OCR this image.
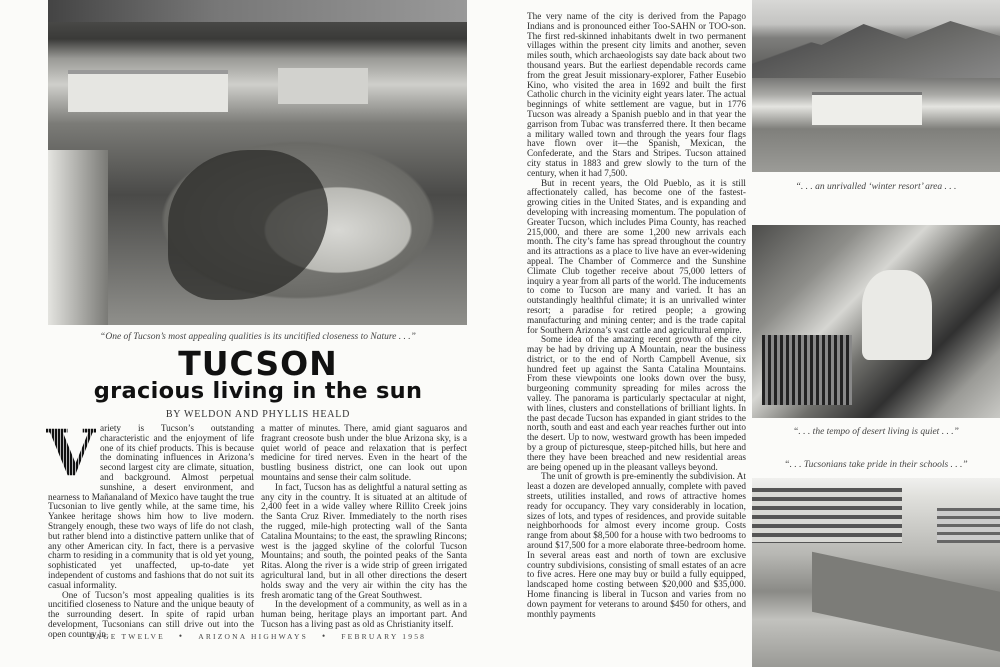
“One of Tucson’s most appealing qualities is its uncitified closeness to Nature . . .”
TUCSON
gracious living in the sun
BY WELDON AND PHYLLIS HEALD

V ariety is Tucson’s outstanding characteristic and the enjoyment of life one of its chief products. This is because the dominating influences in Arizona’s second largest city are climate, situation, and background. Almost perpetual sunshine, a desert environment, and nearness to Mañanaland of Mexico have taught the true Tucsonian to live gently while, at the same time, his Yankee heritage shows him how to live modern. Strangely enough, these two ways of life do not clash, but rather blend into a distinctive pattern unlike that of any other American city. In fact, there is a pervasive charm to residing in a community that is old yet young, sophisticated yet unaffected, up-to-date yet independent of customs and fashions that do not suit its casual informality.

One of Tucson’s most appealing qualities is its uncitified closeness to Nature and the unique beauty of the surrounding desert. In spite of rapid urban development, Tucsonians can still drive out into the open country in

a matter of minutes. There, amid giant saguaros and fragrant creosote bush under the blue Arizona sky, is a quiet world of peace and relaxation that is perfect medicine for tired nerves. Even in the heart of the bustling business district, one can look out upon mountains and sense their calm solitude.

In fact, Tucson has as delightful a natural setting as any city in the country. It is situated at an altitude of 2,400 feet in a wide valley where Rillito Creek joins the Santa Cruz River. Immediately to the north rises the rugged, mile-high protecting wall of the Santa Catalina Mountains; to the east, the sprawling Rincons; west is the jagged skyline of the colorful Tucson Mountains; and south, the pointed peaks of the Santa Ritas. Along the river is a wide strip of green irrigated agricultural land, but in all other directions the desert holds sway and the very air within the city has the fresh aromatic tang of the Great Southwest.

In the development of a community, as well as in a human being, heritage plays an important part. And Tucson has a living past as old as Christianity itself.

The very name of the city is derived from the Papago Indians and is pronounced either Too-SAHN or TOO-son. The first red-skinned inhabitants dwelt in two permanent villages within the present city limits and another, seven miles south, which archaeologists say date back about two thousand years. But the earliest dependable records came from the great Jesuit missionary-explorer, Father Eusebio Kino, who visited the area in 1692 and built the first Catholic church in the vicinity eight years later. The actual beginnings of white settlement are vague, but in 1776 Tucson was already a Spanish pueblo and in that year the garrison from Tubac was transferred there. It then became a military walled town and through the years four flags have flown over it—the Spanish, Mexican, the Confederate, and the Stars and Stripes. Tucson attained city status in 1883 and grew slowly to the turn of the century, when it had 7,500.

But in recent years, the Old Pueblo, as it is still affectionately called, has become one of the fastest-growing cities in the United States, and is expanding and developing with increasing momentum. The population of Greater Tucson, which includes Pima County, has reached 215,000, and there are some 1,200 new arrivals each month. The city’s fame has spread throughout the country and its attractions as a place to live have an ever-widening appeal. The Chamber of Commerce and the Sunshine Climate Club together receive about 75,000 letters of inquiry a year from all parts of the world. The inducements to come to Tucson are many and varied. It has an outstandingly healthful climate; it is an unrivalled winter resort; a paradise for retired people; a growing manufacturing and mining center; and is the trade capital for Southern Arizona’s vast cattle and agricultural empire.

Some idea of the amazing recent growth of the city may be had by driving up A Mountain, near the business district, or to the end of North Campbell Avenue, six hundred feet up against the Santa Catalina Mountains. From these viewpoints one looks down over the busy, burgeoning community spreading for miles across the valley. The panorama is particularly spectacular at night, with lines, clusters and constellations of brilliant lights. In the past decade Tucson has expanded in giant strides to the north, south and east and each year reaches further out into the desert. Up to now, westward growth has been impeded by a group of picturesque, steep-pitched hills, but here and there they have been breached and new residential areas are being opened up in the pleasant valleys beyond.

The unit of growth is pre-eminently the subdivision. At least a dozen are developed annually, complete with paved streets, utilities installed, and rows of attractive homes ready for occupancy. They vary considerably in location, sizes of lots, and types of residences, and provide suitable neighborhoods for almost every income group. Costs range from about $8,500 for a house with two bedrooms to around $17,500 for a more elaborate three-bedroom home. In several areas east and north of town are exclusive country subdivisions, consisting of small estates of an acre to five acres. Here one may buy or build a fully equipped, landscaped home costing between $20,000 and $35,000. Home financing is liberal in Tucson and varies from no down payment for veterans to around $450 for others, and monthly payments

PAGE TWELVE • ARIZONA HIGHWAYS • FEBRUARY 1958
“. . . an unrivalled ‘winter resort’ area . . .
“. . . the tempo of desert living is quiet . . .”
“. . . Tucsonians take pride in their schools . . .”
